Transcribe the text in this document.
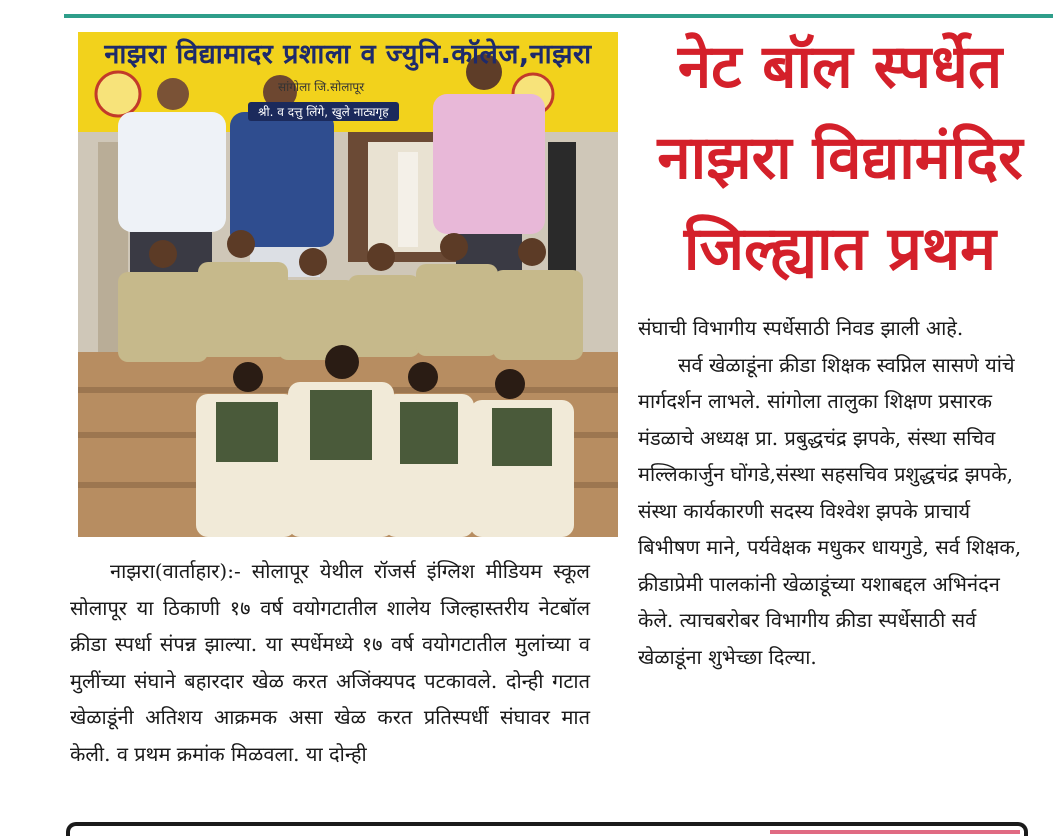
नाझरा विद्यामादर प्रशाला व ज्युनि.कॉलेज,नाझरा
सांगोला जि.सोलापूर
श्री. व दत्तु लिंगे, खुले नाट्यगृह
नेट बॉल स्पर्धेत
नाझरा विद्यामंदिर
जिल्ह्यात प्रथम

नाझरा(वार्ताहार):- सोलापूर येथील रॉजर्स इंग्लिश मीडियम स्कूल सोलापूर या ठिकाणी १७ वर्ष वयोगटातील शालेय जिल्हास्तरीय नेटबॉल क्रीडा स्पर्धा संपन्न झाल्या. या स्पर्धेमध्ये १७ वर्ष वयोगटातील मुलांच्या व मुलींच्या संघाने बहारदार खेळ करत अजिंक्यपद पटकावले. दोन्ही गटात खेळाडूंनी अतिशय आक्रमक असा खेळ करत प्रतिस्पर्धी संघावर मात केली. व प्रथम क्रमांक मिळवला. या दोन्ही

संघाची विभागीय स्पर्धेसाठी निवड झाली आहे.

सर्व खेळाडूंना क्रीडा शिक्षक स्वप्निल सासणे यांचे मार्गदर्शन लाभले. सांगोला तालुका शिक्षण प्रसारक मंडळाचे अध्यक्ष प्रा. प्रबुद्धचंद्र झपके, संस्था सचिव मल्लिकार्जुन घोंगडे,संस्था सहसचिव प्रशुद्धचंद्र झपके, संस्था कार्यकारणी सदस्य विश्वेश झपके प्राचार्य बिभीषण माने, पर्यवेक्षक मधुकर धायगुडे, सर्व शिक्षक, क्रीडाप्रेमी पालकांनी खेळाडूंच्या यशाबद्दल अभिनंदन केले. त्याचबरोबर विभागीय क्रीडा स्पर्धेसाठी सर्व खेळाडूंना शुभेच्छा दिल्या.
